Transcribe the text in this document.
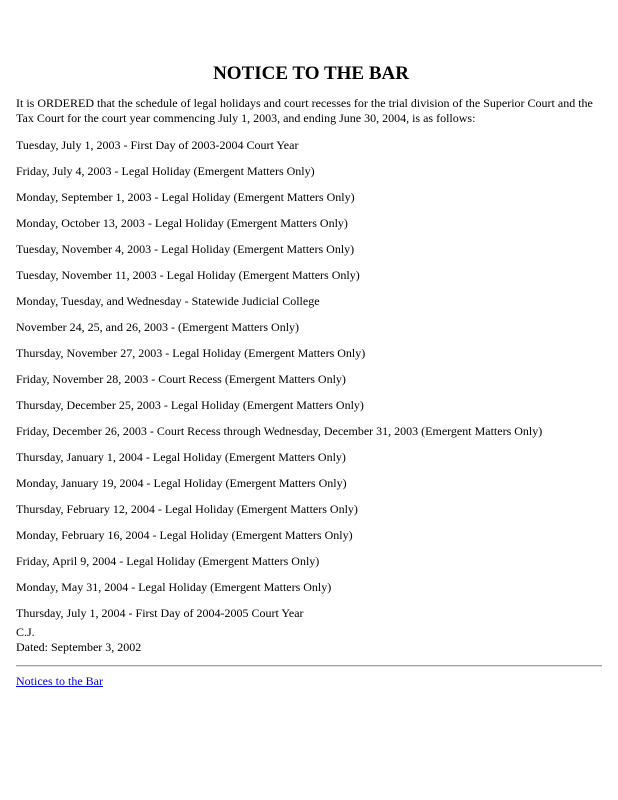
NOTICE TO THE BAR

It is ORDERED that the schedule of legal holidays and court recesses for the trial division of the Superior Court and the
Tax Court for the court year commencing July 1, 2003, and ending June 30, 2004, is as follows:

Tuesday, July 1, 2003 - First Day of 2003-2004 Court Year
Friday, July 4, 2003 - Legal Holiday (Emergent Matters Only)
Monday, September 1, 2003 - Legal Holiday (Emergent Matters Only)
Monday, October 13, 2003 - Legal Holiday (Emergent Matters Only)
Tuesday, November 4, 2003 - Legal Holiday (Emergent Matters Only)
Tuesday, November 11, 2003 - Legal Holiday (Emergent Matters Only)
Monday, Tuesday, and Wednesday - Statewide Judicial College
November 24, 25, and 26, 2003 - (Emergent Matters Only)
Thursday, November 27, 2003 - Legal Holiday (Emergent Matters Only)
Friday, November 28, 2003 - Court Recess (Emergent Matters Only)
Thursday, December 25, 2003 - Legal Holiday (Emergent Matters Only)
Friday, December 26, 2003 - Court Recess through Wednesday, December 31, 2003 (Emergent Matters Only)
Thursday, January 1, 2004 - Legal Holiday (Emergent Matters Only)
Monday, January 19, 2004 - Legal Holiday (Emergent Matters Only)
Thursday, February 12, 2004 - Legal Holiday (Emergent Matters Only)
Monday, February 16, 2004 - Legal Holiday (Emergent Matters Only)
Friday, April 9, 2004 - Legal Holiday (Emergent Matters Only)
Monday, May 31, 2004 - Legal Holiday (Emergent Matters Only)
Thursday, July 1, 2004 - First Day of 2004-2005 Court Year
C.J.
Dated: September 3, 2002
Notices to the Bar
